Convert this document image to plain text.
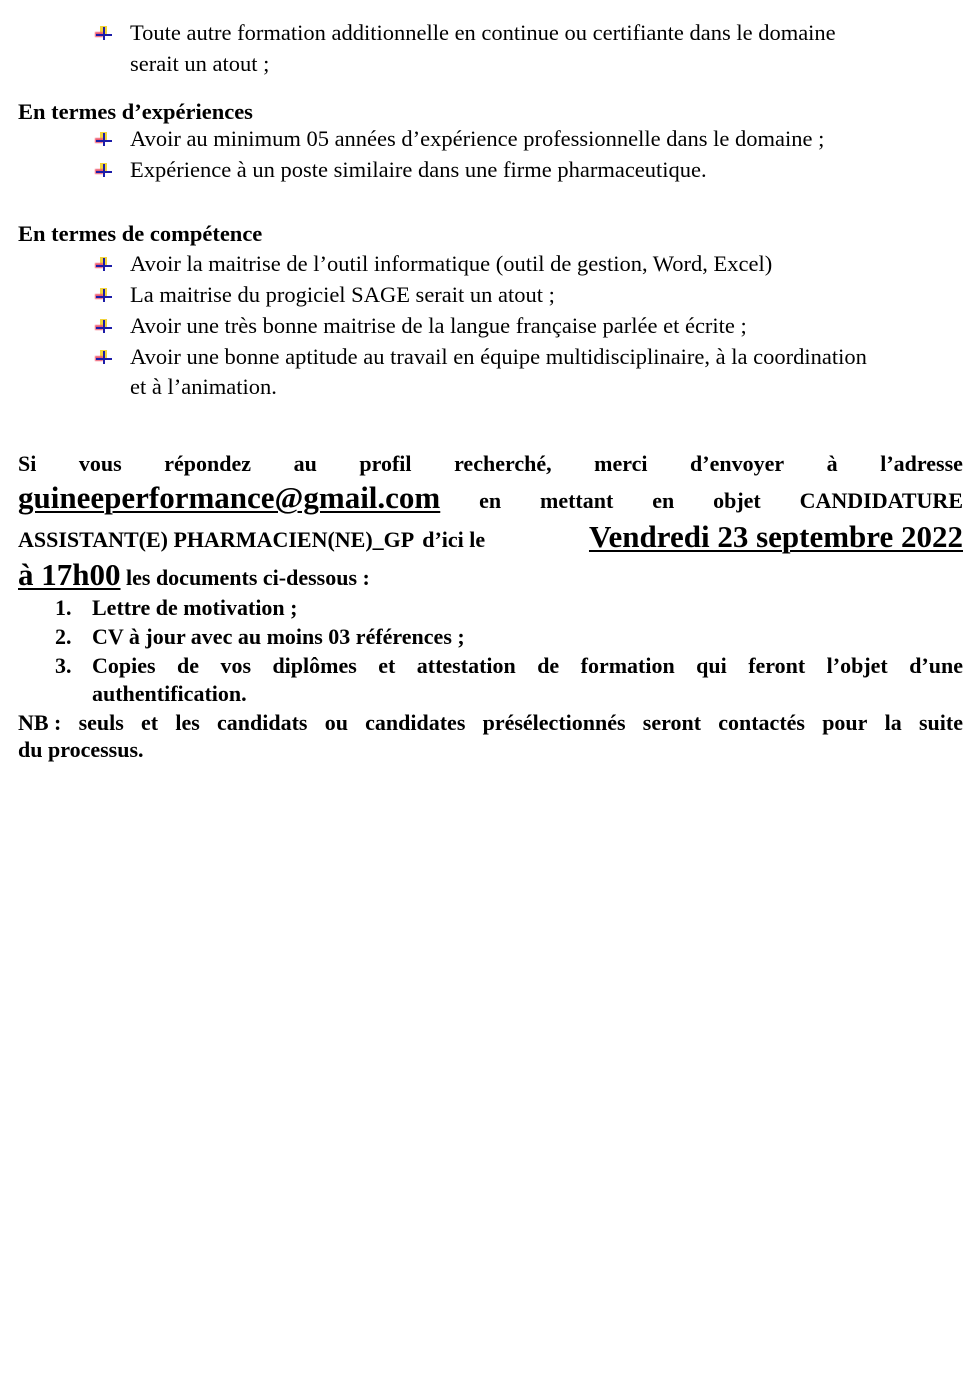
Toute autre formation additionnelle en continue ou certifiante dans le domaine
serait un atout ;
En termes d’expériences
Avoir au minimum 05 années d’expérience professionnelle dans le domaine ;
Expérience à un poste similaire dans une firme pharmaceutique.
En termes de compétence
Avoir la maitrise de l’outil informatique (outil de gestion, Word, Excel)
La maitrise du progiciel SAGE serait un atout ;
Avoir une très bonne maitrise de la langue française parlée et écrite ;
Avoir une bonne aptitude au travail en équipe multidisciplinaire, à la coordination
et à l’animation.
Si vous répondez au profil recherché, merci d’envoyer à l’adresse
guineeperformance@gmail.com en mettant en objet CANDIDATURE
ASSISTANT(E) PHARMACIEN(NE)_GP d’ici le	Vendredi 23 septembre 2022
à 17h00 les documents ci-dessous :
1. Lettre de motivation ;
2. CV à jour avec au moins 03 références ;
3. Copies de vos diplômes et attestation de formation qui feront l’objet d’une
authentification.
NB : seuls et les candidats ou candidates présélectionnés seront contactés pour la suite
du processus.
